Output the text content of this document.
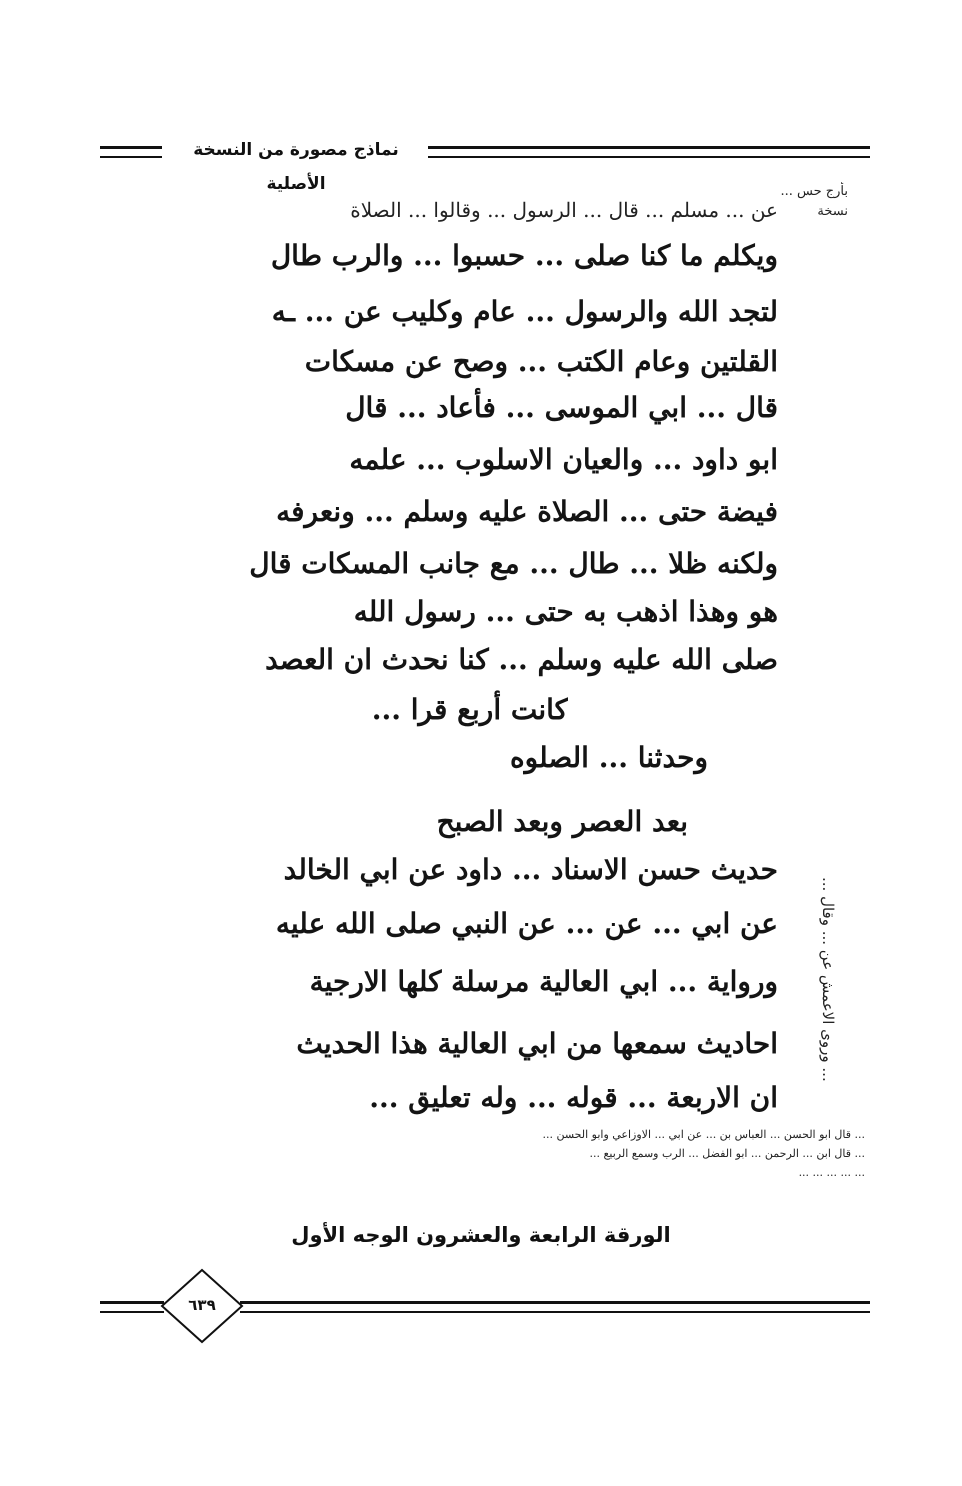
نماذج مصورة من النسخة الأصلية	بأرج حس ... نسخة
... وروى الاعمش عن ... وقال ...
عن ... مسلم ... قال ... الرسول ... وقالوا ... الصلاة
ويكلم ما كنا صلى ... حسبوا ... والرب طال
لتجد الله والرسول ... عام وكليب عن ... ـه
القلتين وعام الكتب ... وصح عن مسكات
قال ... ابي الموسى ... فأعاد ... قال
ابو داود ... والعيان الاسلوب ... علمه
فيضة حتى ... الصلاة عليه وسلم ... ونعرفه
ولكنه ظلا ... طال ... مع جانب المسكات قال
هو وهذا اذهب به حتى ... رسول الله
صلى الله عليه وسلم ... كنا نحدث ان العصد
كانت أربع قرا ...
وحدثنا ... الصلوه
بعد العصر وبعد الصبح
حديث حسن الاسناد ... داود عن ابي الخالد
عن ابي ... عن ... عن النبي صلى الله عليه
ورواية ... ابي العالية مرسلة كلها الارجية
احاديث سمعها من ابي العالية هذا الحديث
ان الاربعة ... قوله ... وله تعليق ...
... قال ابو الحسن ... العباس بن ... عن ابي ... الاوزاعي وابو الحسن ...
... قال ابن ... الرحمن ... ابو الفضل ... الرب وسمع الربيع ...
... ... ... ... ...
الورقة الرابعة والعشرون الوجه الأول
٦٣٩
